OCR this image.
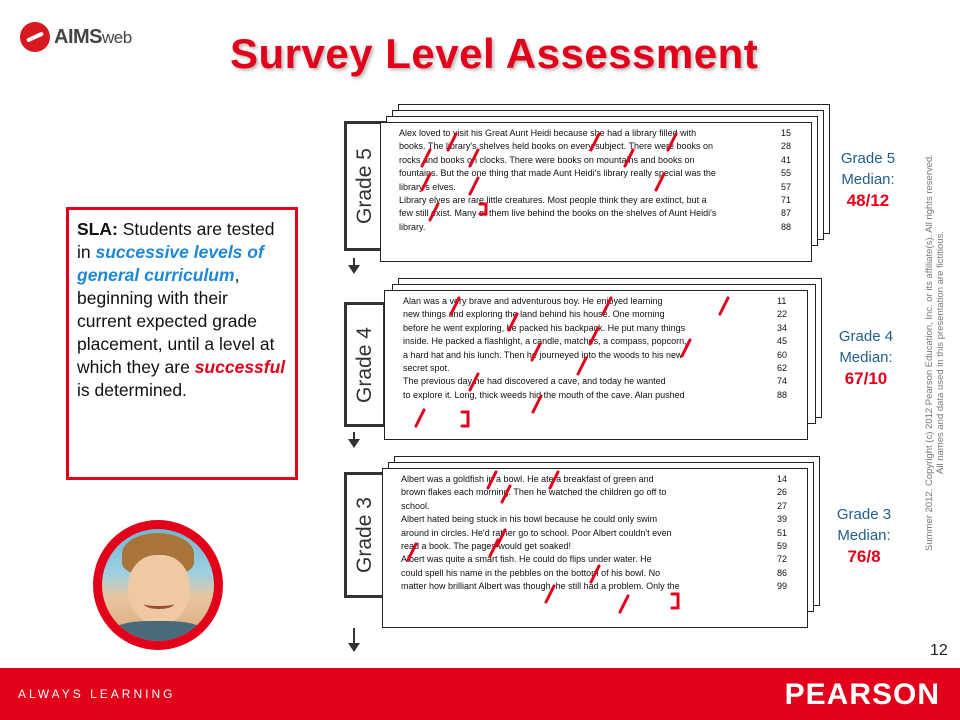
AIMSweb Survey Level Assessment
SLA: Students are tested in successive levels of general curriculum, beginning with their current expected grade placement, until a level at which they are successful is determined.
Grade 5
Alex loved to visit his Great Aunt Heidi because she had a library filled with	15
books. The library's shelves held books on every subject. There were books on	28
rocks and books on clocks. There were books on mountains and books on	41
fountains. But the one thing that made Aunt Heidi's library really special was the	55
library's elves.	57
Library elves are rare little creatures. Most people think they are extinct, but a	71
few still exist. Many of them live behind the books on the shelves of Aunt Heidi's	87
library.	88
Grade 5
Median:
48/12
Grade 4
Alan was a very brave and adventurous boy. He enjoyed learning	11
new things and exploring the land behind his house. One morning	22
before he went exploring, he packed his backpack. He put many things	34
inside. He packed a flashlight, a candle, matches, a compass, popcorn,	45
a hard hat and his lunch. Then he journeyed into the woods to his new	60
secret spot.	62
The previous day he had discovered a cave, and today he wanted	74
to explore it. Long, thick weeds hid the mouth of the cave. Alan pushed	88
Grade 4
Median:
67/10
Grade 3
Albert was a goldfish in a bowl. He ate a breakfast of green and	14
brown flakes each morning. Then he watched the children go off to	26
school.	27
Albert hated being stuck in his bowl because he could only swim	39
around in circles. He'd rather go to school. Poor Albert couldn't even	51
read a book. The pages would get soaked!	59
Albert was quite a smart fish. He could do flips under water. He	72
could spell his name in the pebbles on the bottom of his bowl. No	86
matter how brilliant Albert was though, he still had a problem. Only the	99
Grade 3
Median:
76/8
Summer 2012. Copyright (c) 2012 Pearson Education, Inc. or its affiliate(s). All rights reserved.
All names and data used in this presentation are fictitious.
12
ALWAYS LEARNING	PEARSON
